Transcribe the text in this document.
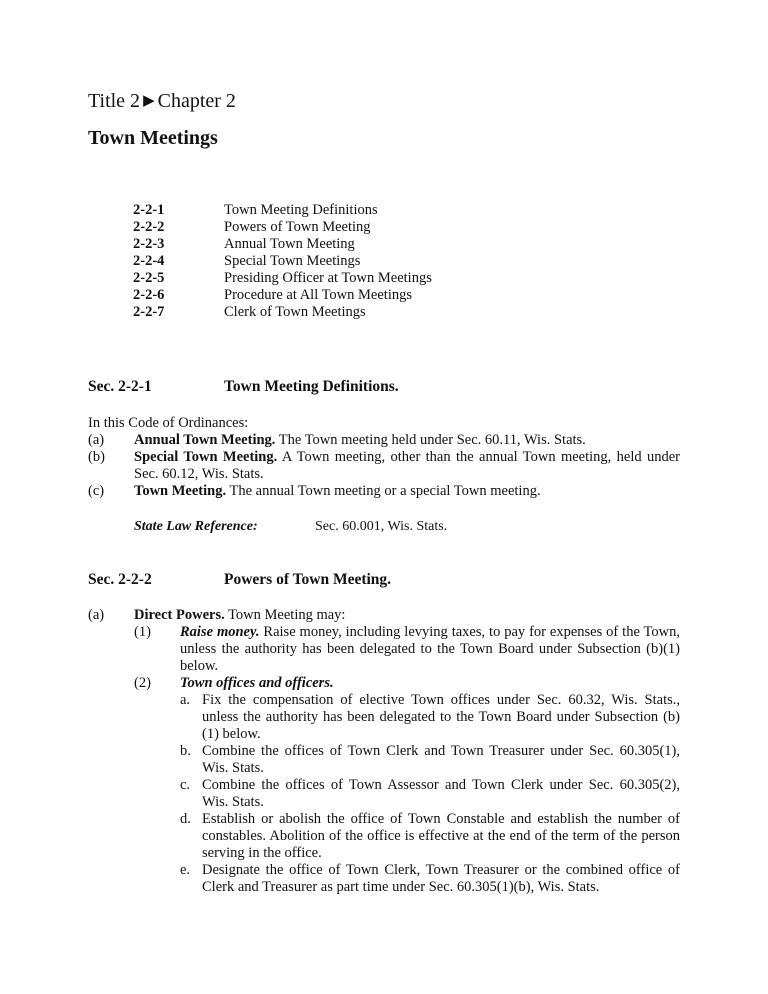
Title 2 ▶ Chapter 2
Town Meetings
2-2-1	Town Meeting Definitions
2-2-2	Powers of Town Meeting
2-2-3	Annual Town Meeting
2-2-4	Special Town Meetings
2-2-5	Presiding Officer at Town Meetings
2-2-6	Procedure at All Town Meetings
2-2-7	Clerk of Town Meetings
Sec. 2-2-1	Town Meeting Definitions.
In this Code of Ordinances:
(a)	Annual Town Meeting. The Town meeting held under Sec. 60.11, Wis. Stats.
(b)	Special Town Meeting. A Town meeting, other than the annual Town meeting, held under Sec. 60.12, Wis. Stats.
(c)	Town Meeting. The annual Town meeting or a special Town meeting.
State Law Reference:	Sec. 60.001, Wis. Stats.
Sec. 2-2-2	Powers of Town Meeting.
(a)	Direct Powers. Town Meeting may:
(1)	Raise money. Raise money, including levying taxes, to pay for expenses of the Town, unless the authority has been delegated to the Town Board under Subsection (b)(1) below.
(2)	Town offices and officers.
a. Fix the compensation of elective Town offices under Sec. 60.32, Wis. Stats., unless the authority has been delegated to the Town Board under Subsection (b)(1) below.
b. Combine the offices of Town Clerk and Town Treasurer under Sec. 60.305(1), Wis. Stats.
c. Combine the offices of Town Assessor and Town Clerk under Sec. 60.305(2), Wis. Stats.
d. Establish or abolish the office of Town Constable and establish the number of constables. Abolition of the office is effective at the end of the term of the person serving in the office.
e. Designate the office of Town Clerk, Town Treasurer or the combined office of Clerk and Treasurer as part time under Sec. 60.305(1)(b), Wis. Stats.
